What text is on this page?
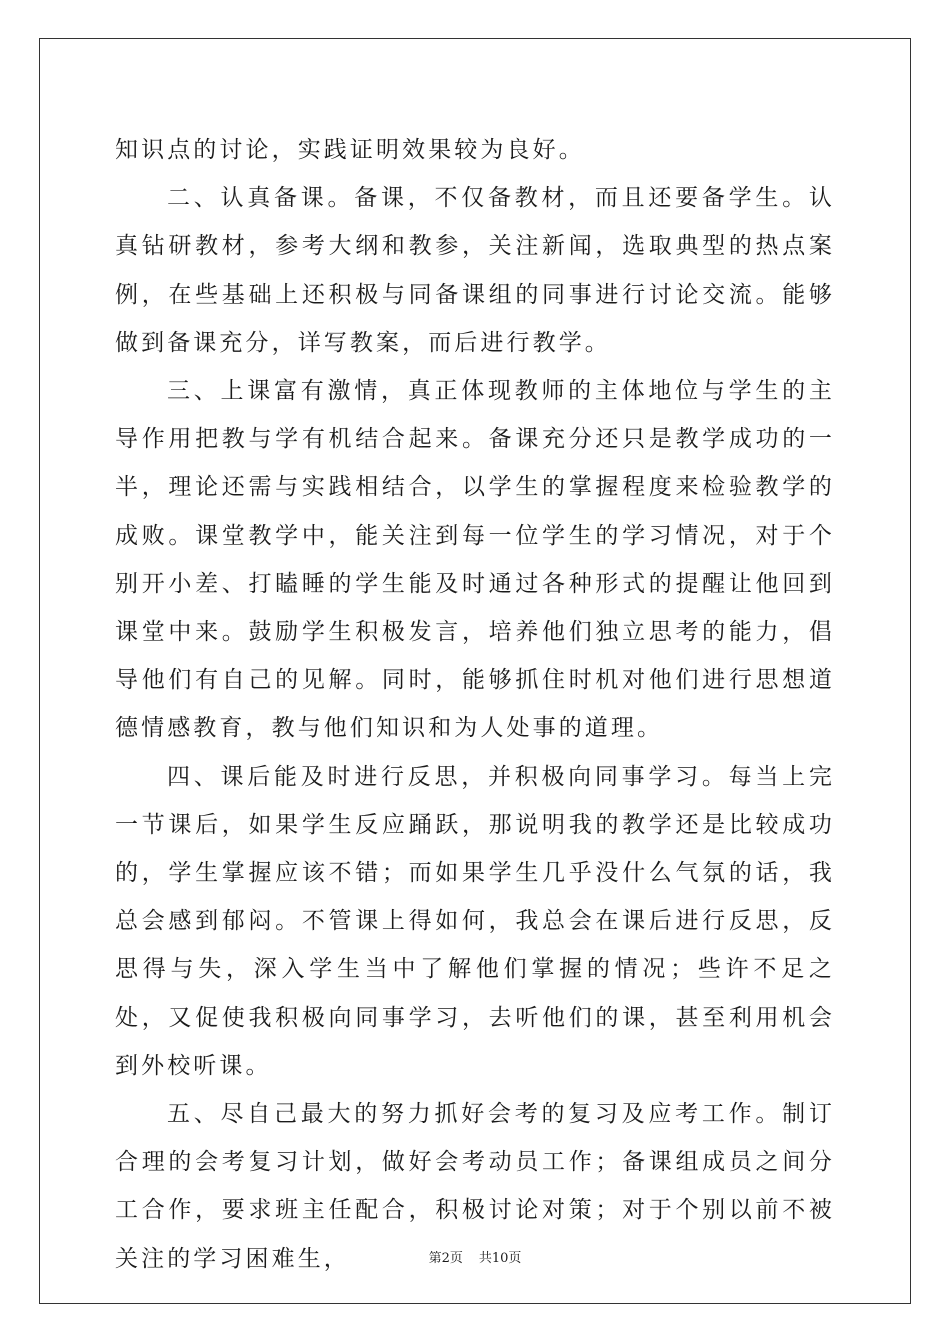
知识点的讨论，实践证明效果较为良好。

二、认真备课。备课，不仅备教材，而且还要备学生。认真钻研教材，参考大纲和教参，关注新闻，选取典型的热点案例，在些基础上还积极与同备课组的同事进行讨论交流。能够做到备课充分，详写教案，而后进行教学。

三、上课富有激情，真正体现教师的主体地位与学生的主导作用把教与学有机结合起来。备课充分还只是教学成功的一半，理论还需与实践相结合，以学生的掌握程度来检验教学的成败。课堂教学中，能关注到每一位学生的学习情况，对于个别开小差、打瞌睡的学生能及时通过各种形式的提醒让他回到课堂中来。鼓励学生积极发言，培养他们独立思考的能力，倡导他们有自己的见解。同时，能够抓住时机对他们进行思想道德情感教育，教与他们知识和为人处事的道理。

四、课后能及时进行反思，并积极向同事学习。每当上完一节课后，如果学生反应踊跃，那说明我的教学还是比较成功的，学生掌握应该不错；而如果学生几乎没什么气氛的话，我总会感到郁闷。不管课上得如何，我总会在课后进行反思，反思得与失，深入学生当中了解他们掌握的情况；些许不足之处，又促使我积极向同事学习，去听他们的课，甚至利用机会到外校听课。

五、尽自己最大的努力抓好会考的复习及应考工作。制订合理的会考复习计划，做好会考动员工作；备课组成员之间分工合作，要求班主任配合，积极讨论对策；对于个别以前不被关注的学习困难生，	第2页 共10页
